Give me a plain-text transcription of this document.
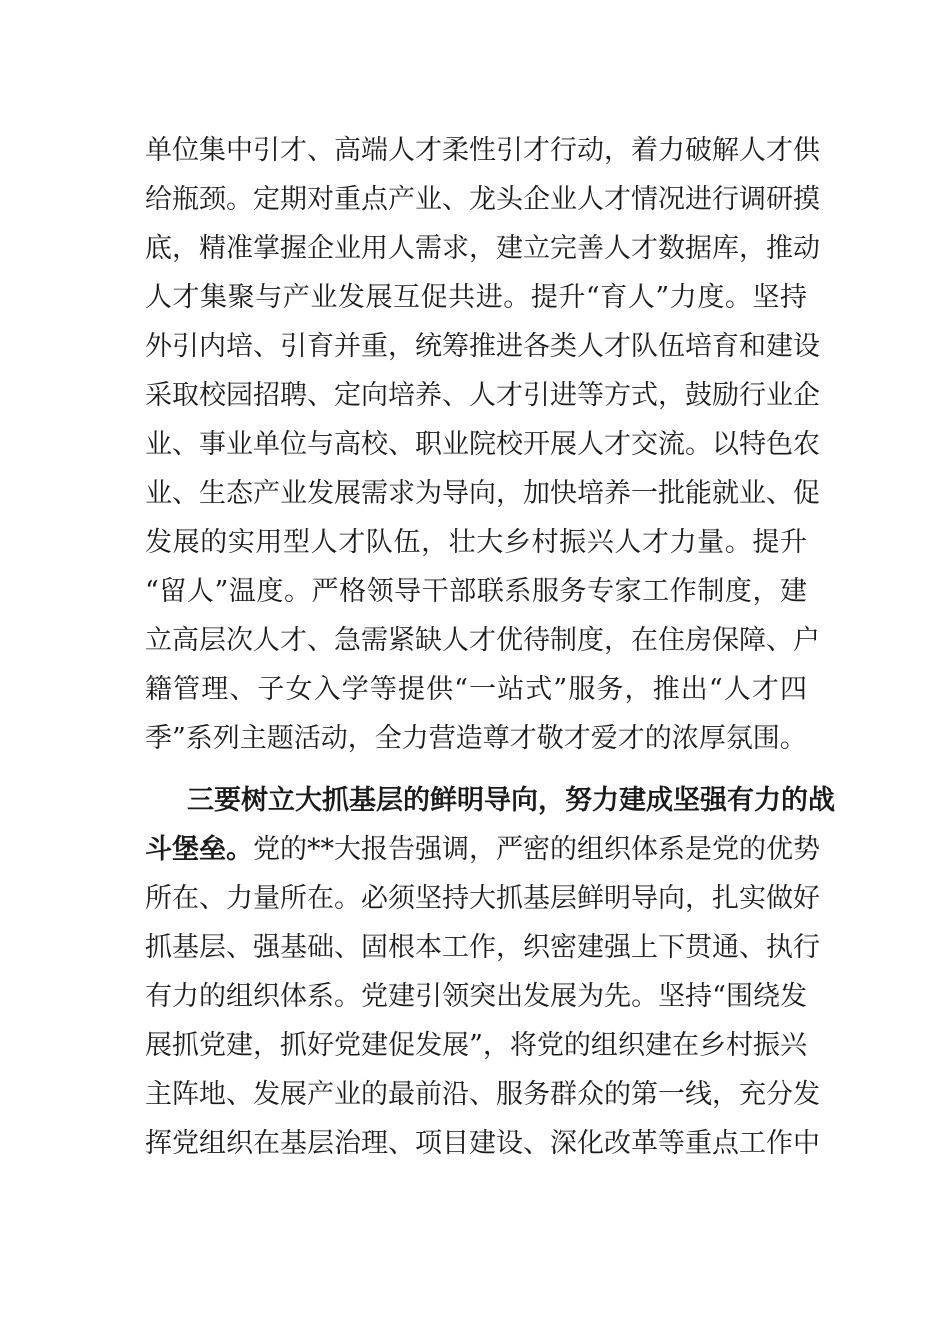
单位集中引才、高端人才柔性引才行动，着力破解人才供
给瓶颈。定期对重点产业、龙头企业人才情况进行调研摸
底，精准掌握企业用人需求，建立完善人才数据库，推动
人才集聚与产业发展互促共进。提升“育人”力度。坚持
外引内培、引育并重，统筹推进各类人才队伍培育和建设
采取校园招聘、定向培养、人才引进等方式，鼓励行业企
业、事业单位与高校、职业院校开展人才交流。以特色农
业、生态产业发展需求为导向，加快培养一批能就业、促
发展的实用型人才队伍，壮大乡村振兴人才力量。提升
“留人”温度。严格领导干部联系服务专家工作制度，建
立高层次人才、急需紧缺人才优待制度，在住房保障、户
籍管理、子女入学等提供“一站式”服务，推出“人才四
季”系列主题活动，全力营造尊才敬才爱才的浓厚氛围。
三要树立大抓基层的鲜明导向，努力建成坚强有力的战
斗堡垒。党的**大报告强调，严密的组织体系是党的优势
所在、力量所在。必须坚持大抓基层鲜明导向，扎实做好
抓基层、强基础、固根本工作，织密建强上下贯通、执行
有力的组织体系。党建引领突出发展为先。坚持“围绕发
展抓党建，抓好党建促发展”，将党的组织建在乡村振兴
主阵地、发展产业的最前沿、服务群众的第一线，充分发
挥党组织在基层治理、项目建设、深化改革等重点工作中
